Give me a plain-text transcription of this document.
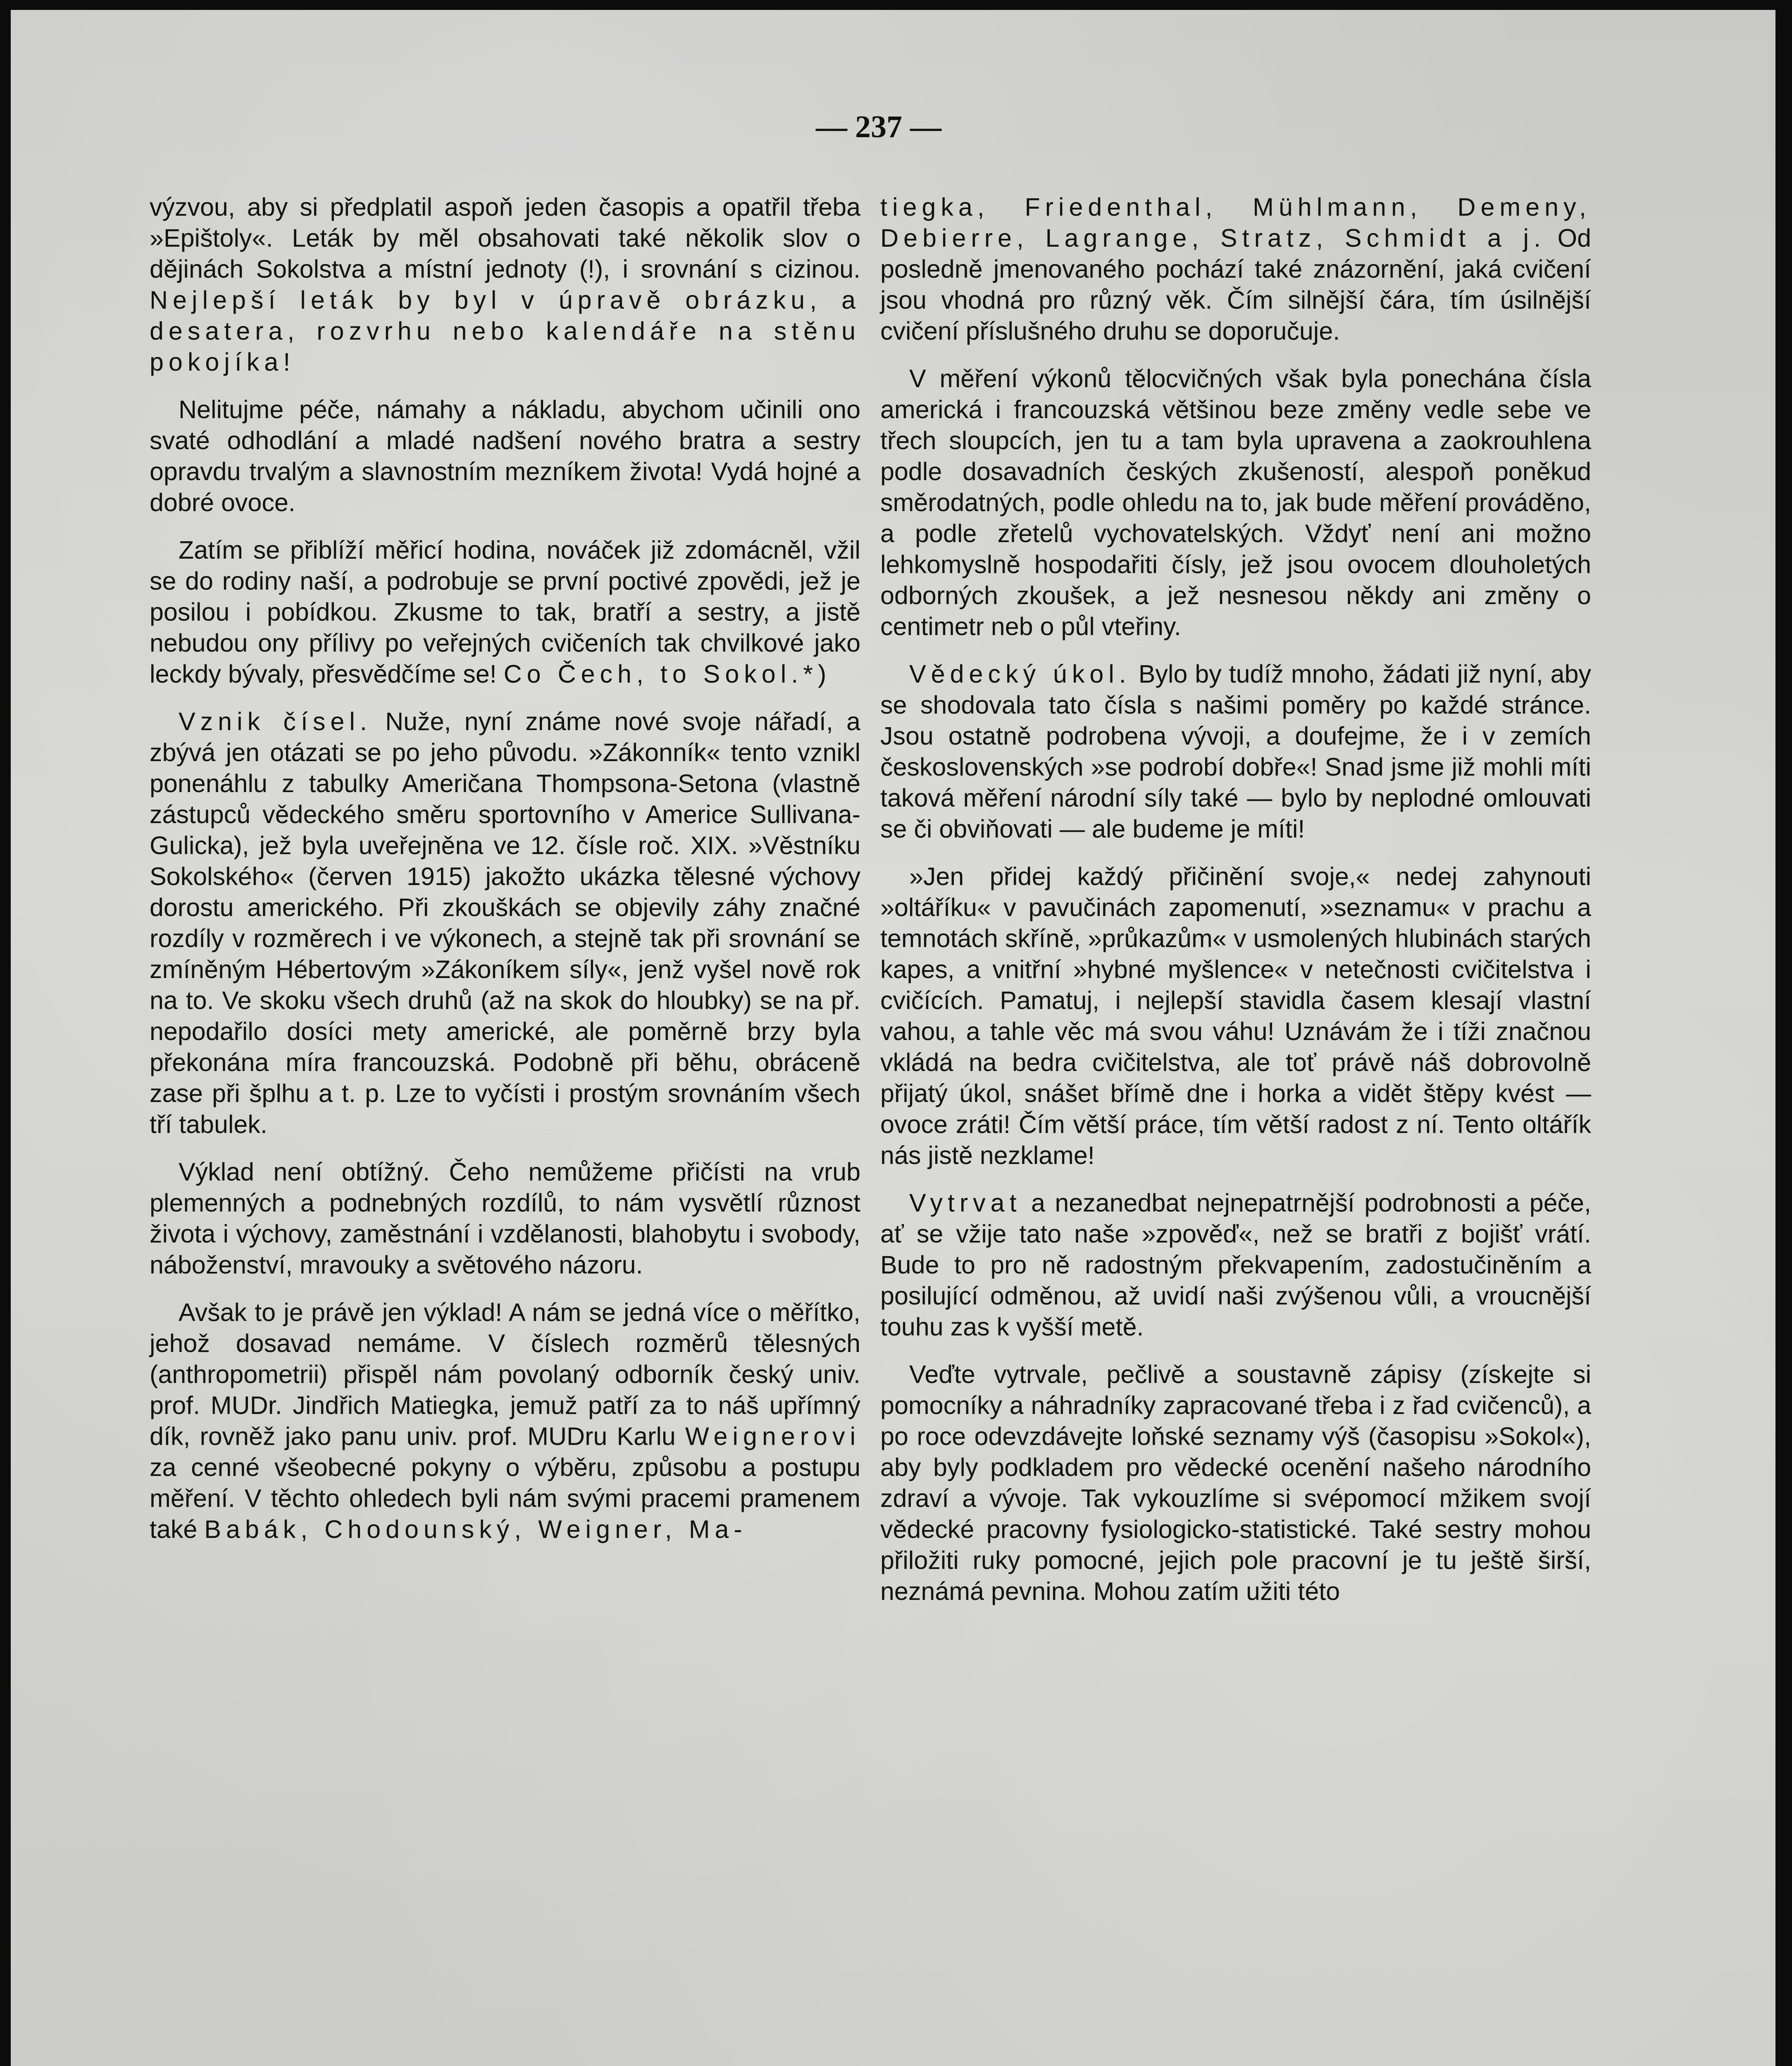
— 237 —

výzvou, aby si předplatil aspoň jeden časopis a opatřil třeba »Epištoly«. Leták by měl obsahovati také několik slov o dějinách Sokolstva a místní jednoty (!), i srovnání s cizinou. Nejlepší leták by byl v úpravě obrázku, a desatera, rozvrhu nebo kalendáře na stěnu pokojíka!

Nelitujme péče, námahy a nákladu, abychom učinili ono svaté odhodlání a mladé nadšení nového bratra a sestry opravdu trvalým a slavnostním mezníkem života! Vydá hojné a dobré ovoce.

Zatím se přiblíží měřicí hodina, nováček již zdomácněl, vžil se do rodiny naší, a podrobuje se první poctivé zpovědi, jež je posilou i pobídkou. Zkusme to tak, bratří a sestry, a jistě nebudou ony přílivy po veřejných cvičeních tak chvilkové jako leckdy bývaly, přesvědčíme se! Co Čech, to Sokol.*)

Vznik čísel. Nuže, nyní známe nové svoje nářadí, a zbývá jen otázati se po jeho původu. »Zákonník« tento vznikl ponenáhlu z tabulky Američana Thompsona-Setona (vlastně zástupců vědeckého směru sportovního v Americe Sullivana-Gulicka), jež byla uveřejněna ve 12. čísle roč. XIX. »Věstníku Sokolského« (červen 1915) jakožto ukázka tělesné výchovy dorostu amerického. Při zkouškách se objevily záhy značné rozdíly v rozměrech i ve výkonech, a stejně tak při srovnání se zmíněným Hébertovým »Zákoníkem síly«, jenž vyšel nově rok na to. Ve skoku všech druhů (až na skok do hloubky) se na př. nepodařilo dosíci mety americké, ale poměrně brzy byla překonána míra francouzská. Podobně při běhu, obráceně zase při šplhu a t. p. Lze to vyčísti i prostým srovnáním všech tří tabulek.

Výklad není obtížný. Čeho nemůžeme přičísti na vrub plemenných a podnebných rozdílů, to nám vysvětlí různost života i výchovy, zaměstnání i vzdělanosti, blahobytu i svobody, náboženství, mravouky a světového názoru.

Avšak to je právě jen výklad! A nám se jedná více o měřítko, jehož dosavad nemáme. V číslech rozměrů tělesných (anthropometrii) přispěl nám povolaný odborník český univ. prof. MUDr. Jindřich Matiegka, jemuž patří za to náš upřímný dík, rovněž jako panu univ. prof. MUDru Karlu Weignerovi za cenné všeobecné pokyny o výběru, způsobu a postupu měření. V těchto ohledech byli nám svými pracemi pramenem také Babák, Chodounský, Weigner, Ma-

tiegka, Friedenthal, Mühlmann, Demeny, Debierre, Lagrange, Stratz, Schmidt a j. Od posledně jmenovaného pochází také znázornění, jaká cvičení jsou vhodná pro různý věk. Čím silnější čára, tím úsilnější cvičení příslušného druhu se doporučuje.

V měření výkonů tělocvičných však byla ponechána čísla americká i francouzská většinou beze změny vedle sebe ve třech sloupcích, jen tu a tam byla upravena a zaokrouhlena podle dosavadních českých zkušeností, alespoň poněkud směrodatných, podle ohledu na to, jak bude měření prováděno, a podle zřetelů vychovatelských. Vždyť není ani možno lehkomyslně hospodařiti čísly, jež jsou ovocem dlouholetých odborných zkoušek, a jež nesnesou někdy ani změny o centimetr neb o půl vteřiny.

Vědecký úkol. Bylo by tudíž mnoho, žádati již nyní, aby se shodovala tato čísla s našimi poměry po každé stránce. Jsou ostatně podrobena vývoji, a doufejme, že i v zemích československých »se podrobí dobře«! Snad jsme již mohli míti taková měření národní síly také — bylo by neplodné omlouvati se či obviňovati — ale budeme je míti!

»Jen přidej každý přičinění svoje,« nedej zahynouti »oltáříku« v pavučinách zapomenutí, »seznamu« v prachu a temnotách skříně, »průkazům« v usmolených hlubinách starých kapes, a vnitřní »hybné myšlence« v netečnosti cvičitelstva i cvičících. Pamatuj, i nejlepší stavidla časem klesají vlastní vahou, a tahle věc má svou váhu! Uznávám že i tíži značnou vkládá na bedra cvičitelstva, ale toť právě náš dobrovolně přijatý úkol, snášet břímě dne i horka a vidět štěpy kvést — ovoce zráti! Čím větší práce, tím větší radost z ní. Tento oltářík nás jistě nezklame!

Vytrvat a nezanedbat nejnepatrnější podrobnosti a péče, ať se vžije tato naše »zpověď«, než se bratři z bojišť vrátí. Bude to pro ně radostným překvapením, zadostučiněním a posilující odměnou, až uvidí naši zvýšenou vůli, a vroucnější touhu zas k vyšší metě.

Veďte vytrvale, pečlivě a soustavně zápisy (získejte si pomocníky a náhradníky zapracované třeba i z řad cvičenců), a po roce odevzdávejte loňské seznamy výš (časopisu »Sokol«), aby byly podkladem pro vědecké ocenění našeho národního zdraví a vývoje. Tak vykouzlíme si svépomocí mžikem svojí vědecké pracovny fysiologicko-statistické. Také sestry mohou přiložiti ruky pomocné, jejich pole pracovní je tu ještě širší, neznámá pevnina. Mohou zatím užiti této
